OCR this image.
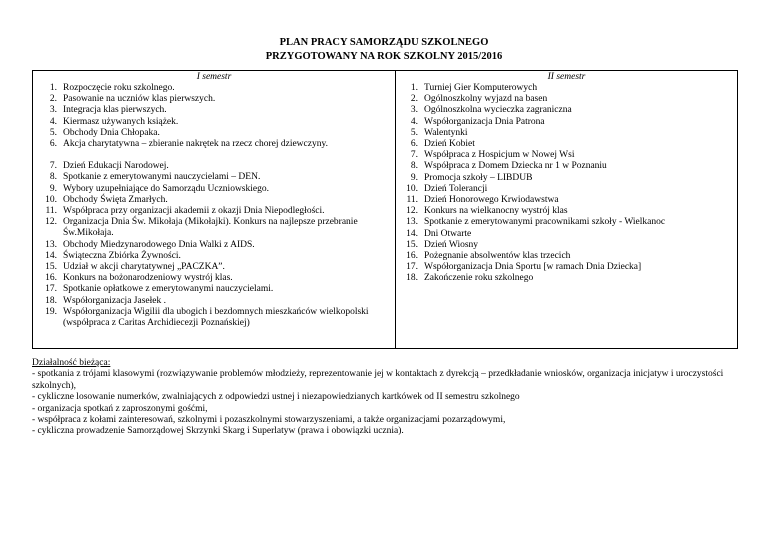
PLAN PRACY SAMORZĄDU SZKOLNEGO
PRZYGOTOWANY NA ROK SZKOLNY 2015/2016
I semestr
1. Rozpoczęcie roku szkolnego.
2. Pasowanie na uczniów klas pierwszych.
3. Integracja klas pierwszych.
4. Kiermasz używanych książek.
5. Obchody Dnia Chłopaka.
6. Akcja charytatywna – zbieranie nakrętek na rzecz chorej dziewczyny.
7. Dzień Edukacji Narodowej.
8. Spotkanie z emerytowanymi nauczycielami – DEN.
9. Wybory uzupełniające do Samorządu Uczniowskiego.
10. Obchody Święta Zmarłych.
11. Współpraca przy organizacji akademii z okazji Dnia Niepodległości.
12. Organizacja Dnia Św. Mikołaja (Mikołajki). Konkurs na najlepsze przebranie Św.Mikołaja.
13. Obchody Miedzynarodowego Dnia Walki z AIDS.
14. Świąteczna Zbiórka Żywności.
15. Udział w akcji charytatywnej „PACZKA”.
16. Konkurs na bożonarodzeniowy wystrój klas.
17. Spotkanie opłatkowe z emerytowanymi nauczycielami.
18. Współorganizacja Jasełek .
19. Współorganizacja Wigilii dla ubogich i bezdomnych mieszkańców wielkopolski (współpraca z Caritas Archidiecezji Poznańskiej)

II semestr
1. Turniej Gier Komputerowych
2. Ogólnoszkolny wyjazd na basen
3. Ogólnoszkolna wycieczka zagraniczna
4. Współorganizacja Dnia Patrona
5. Walentynki
6. Dzień Kobiet
7. Współpraca z Hospicjum w Nowej Wsi
8. Współpraca z Domem Dziecka nr 1 w Poznaniu
9. Promocja szkoły – LIBDUB
10. Dzień Tolerancji
11. Dzień Honorowego Krwiodawstwa
12. Konkurs na wielkanocny wystrój klas
13. Spotkanie z emerytowanymi pracownikami szkoły - Wielkanoc
14. Dni Otwarte
15. Dzień Wiosny
16. Pożegnanie absolwentów klas trzecich
17. Współorganizacja Dnia Sportu [w ramach Dnia Dziecka]
18. Zakończenie roku szkolnego

Działalność bieżąca:

- spotkania z trójami klasowymi (rozwiązywanie problemów młodzieży, reprezentowanie jej w kontaktach z dyrekcją – przedkładanie wniosków, organizacja inicjatyw i uroczystości szkolnych),

- cykliczne losowanie numerków, zwalniających z odpowiedzi ustnej i niezapowiedzianych kartkówek od II semestru szkolnego

- organizacja spotkań z zaproszonymi gośćmi,

- współpraca z kołami zainteresowań, szkolnymi i pozaszkolnymi stowarzyszeniami, a także organizacjami pozarządowymi,

- cykliczna prowadzenie Samorządowej Skrzynki Skarg i Superlatyw (prawa i obowiązki ucznia).
